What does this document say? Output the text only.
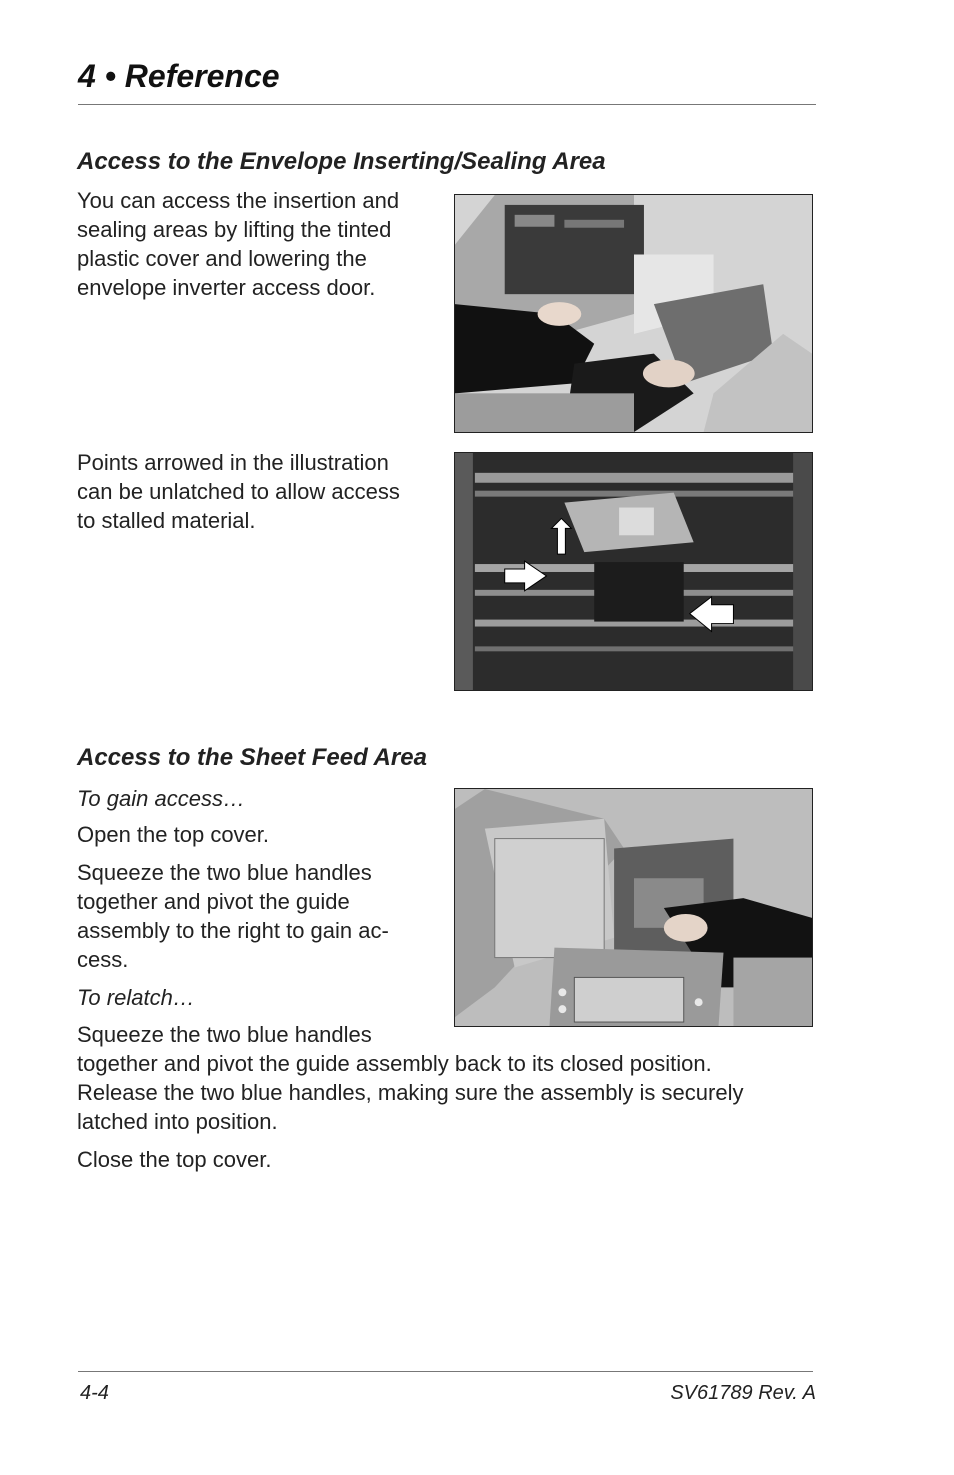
4 • Reference
Access to the Envelope Inserting/Sealing Area

You can access the insertion and
sealing areas by lifting the tinted
plastic cover and lowering the
envelope inverter access door.

Points arrowed in the illustration
can be unlatched to allow access
to stalled material.

Access to the Sheet Feed Area

To gain access…

Open the top cover.

Squeeze the two blue handles
together and pivot the guide
assembly to the right to gain ac-
cess.

To relatch…

Squeeze the two blue handles
together and pivot the guide assembly back to its closed position.
Release the two blue handles, making sure the assembly is securely
latched into position.

Close the top cover.

4-4	SV61789 Rev. A
